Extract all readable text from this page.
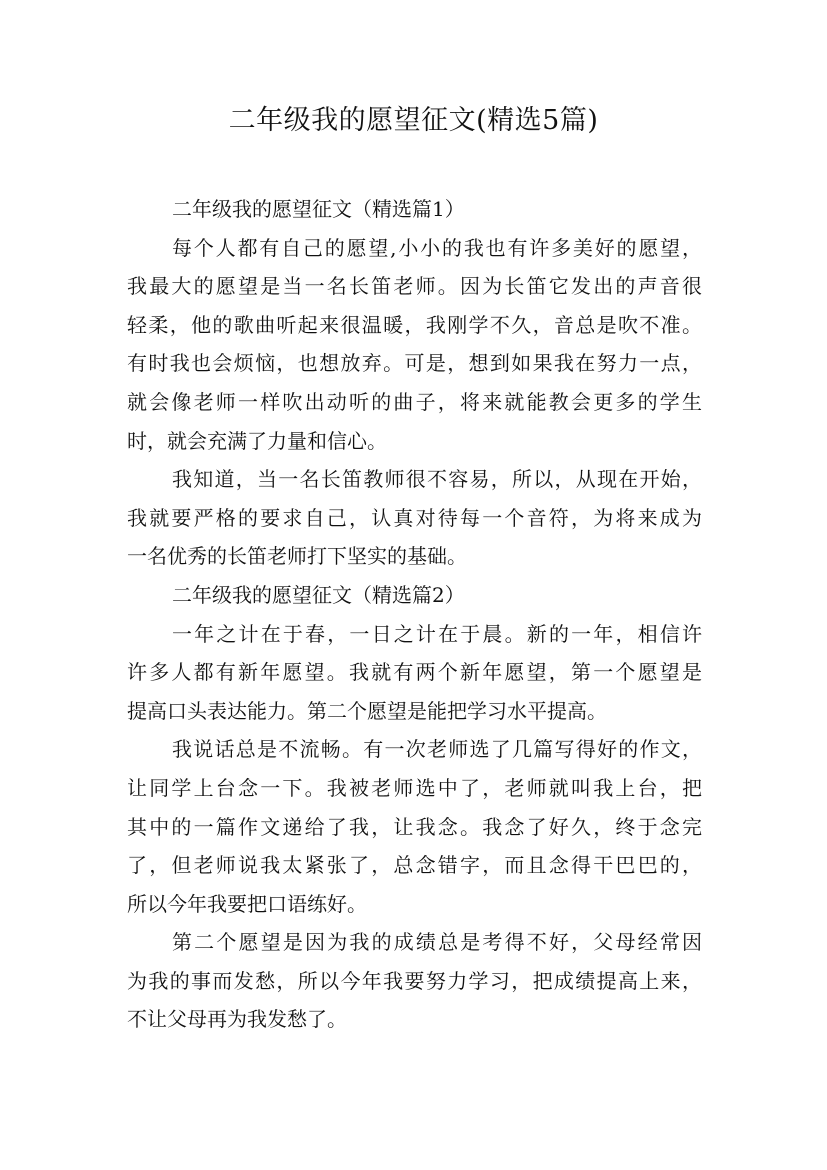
二年级我的愿望征文(精选5篇)

二年级我的愿望征文（精选篇1）

每个人都有自己的愿望,小小的我也有许多美好的愿望，

我最大的愿望是当一名长笛老师。因为长笛它发出的声音很

轻柔，他的歌曲听起来很温暖，我刚学不久，音总是吹不准。

有时我也会烦恼，也想放弃。可是，想到如果我在努力一点，

就会像老师一样吹出动听的曲子，将来就能教会更多的学生

时，就会充满了力量和信心。

我知道，当一名长笛教师很不容易，所以，从现在开始，

我就要严格的要求自己，认真对待每一个音符，为将来成为

一名优秀的长笛老师打下坚实的基础。

二年级我的愿望征文（精选篇2）

一年之计在于春，一日之计在于晨。新的一年，相信许

许多人都有新年愿望。我就有两个新年愿望，第一个愿望是

提高口头表达能力。第二个愿望是能把学习水平提高。

我说话总是不流畅。有一次老师选了几篇写得好的作文，

让同学上台念一下。我被老师选中了，老师就叫我上台，把

其中的一篇作文递给了我，让我念。我念了好久，终于念完

了，但老师说我太紧张了，总念错字，而且念得干巴巴的，

所以今年我要把口语练好。

第二个愿望是因为我的成绩总是考得不好，父母经常因

为我的事而发愁，所以今年我要努力学习，把成绩提高上来，

不让父母再为我发愁了。
